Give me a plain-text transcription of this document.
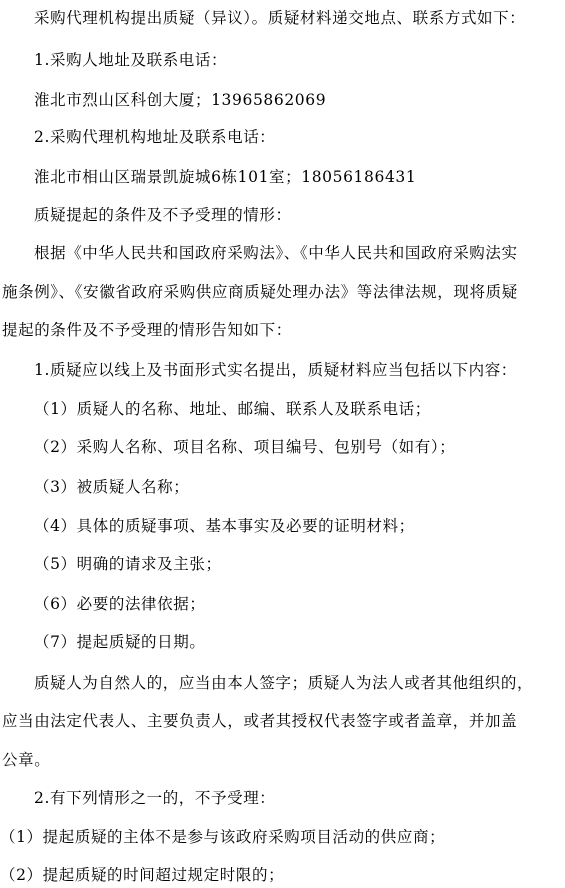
采购代理机构提出质疑（异议）。质疑材料递交地点、联系方式如下：
1.采购人地址及联系电话：
淮北市烈山区科创大厦；13965862069
2.采购代理机构地址及联系电话：
淮北市相山区瑞景凯旋城6栋101室；18056186431
质疑提起的条件及不予受理的情形：
根据《中华人民共和国政府采购法》、《中华人民共和国政府采购法实
施条例》、《安徽省政府采购供应商质疑处理办法》等法律法规，现将质疑
提起的条件及不予受理的情形告知如下：
1.质疑应以线上及书面形式实名提出，质疑材料应当包括以下内容：
（1）质疑人的名称、地址、邮编、联系人及联系电话；
（2）采购人名称、项目名称、项目编号、包别号（如有）；
（3）被质疑人名称；
（4）具体的质疑事项、基本事实及必要的证明材料；
（5）明确的请求及主张；
（6）必要的法律依据；
（7）提起质疑的日期。
质疑人为自然人的，应当由本人签字；质疑人为法人或者其他组织的，
应当由法定代表人、主要负责人，或者其授权代表签字或者盖章，并加盖
公章。
2.有下列情形之一的，不予受理：
（1）提起质疑的主体不是参与该政府采购项目活动的供应商；
（2）提起质疑的时间超过规定时限的；
